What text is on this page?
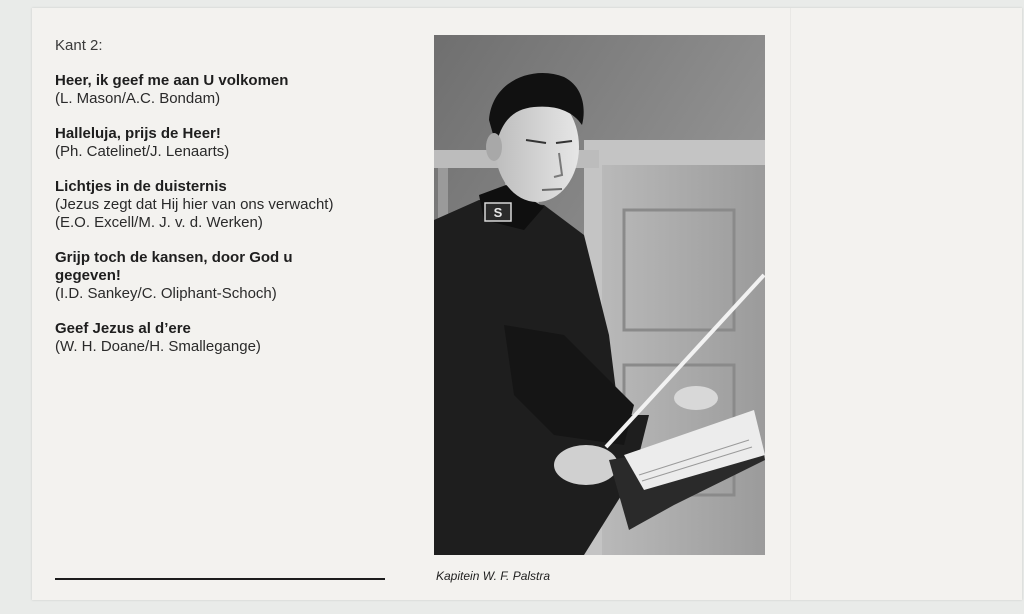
Kant 2:
Heer, ik geef me aan U volkomen
(L. Mason/A.C. Bondam)
Halleluja, prijs de Heer!
(Ph. Catelinet/J. Lenaarts)
Lichtjes in de duisternis
(Jezus zegt dat Hij hier van ons verwacht)
(E.O. Excell/M. J. v. d. Werken)
Grijp toch de kansen, door God u
gegeven!
(I.D. Sankey/C. Oliphant-Schoch)
Geef Jezus al d’ere
(W. H. Doane/H. Smallegange)
S
Kapitein W. F. Palstra
